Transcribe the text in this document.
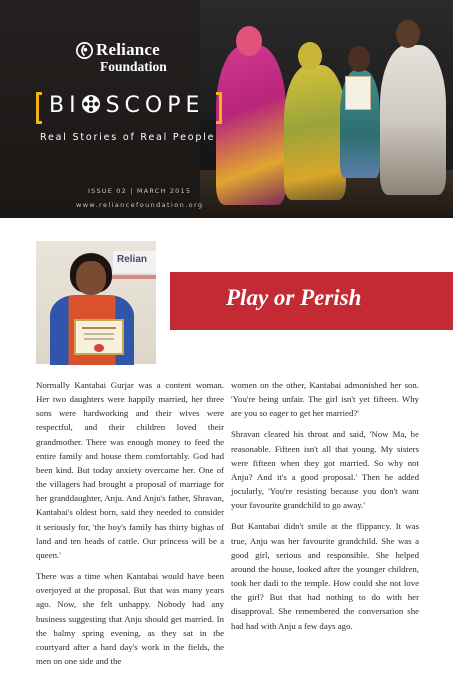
Reliance
Foundation
BI SCOPE
Real Stories of Real People
ISSUE 02 | MARCH 2015
www.reliancefoundation.org
Relian
Play or Perish

Normally Kantabai Gurjar was a content woman. Her two daughters were happily married, her three sons were hardworking and their wives were respectful, and their children loved their grandmother. There was enough money to feed the entire family and house them comfortably. God had been kind. But today anxiety overcame her. One of the villagers had brought a proposal of marriage for her granddaughter, Anju. And Anju's father, Shravan, Kantabai's oldest born, said they needed to consider it seriously for, 'the boy's family has thirty bighas of land and ten heads of cattle. Our princess will be a queen.'

There was a time when Kantabai would have been overjoyed at the proposal. But that was many years ago. Now, she felt unhappy. Nobody had any business suggesting that Anju should get married. In the balmy spring evening, as they sat in the courtyard after a hard day's work in the fields, the men on one side and the

women on the other, Kantabai admonished her son. 'You're being unfair. The girl isn't yet fifteen. Why are you so eager to get her married?'

Shravan cleared his throat and said, 'Now Ma, be reasonable. Fifteen isn't all that young. My sisters were fifteen when they got married. So why not Anju? And it's a good proposal.' Then he added jocularly, 'You're resisting because you don't want your favourite grandchild to go away.'

But Kantabai didn't smile at the flippancy. It was true, Anju was her favourite grandchild. She was a good girl, serious and responsible. She helped around the house, looked after the younger children, took her dadi to the temple. How could she not love the girl? But that had nothing to do with her disapproval. She remembered the conversation she had had with Anju a few days ago.
